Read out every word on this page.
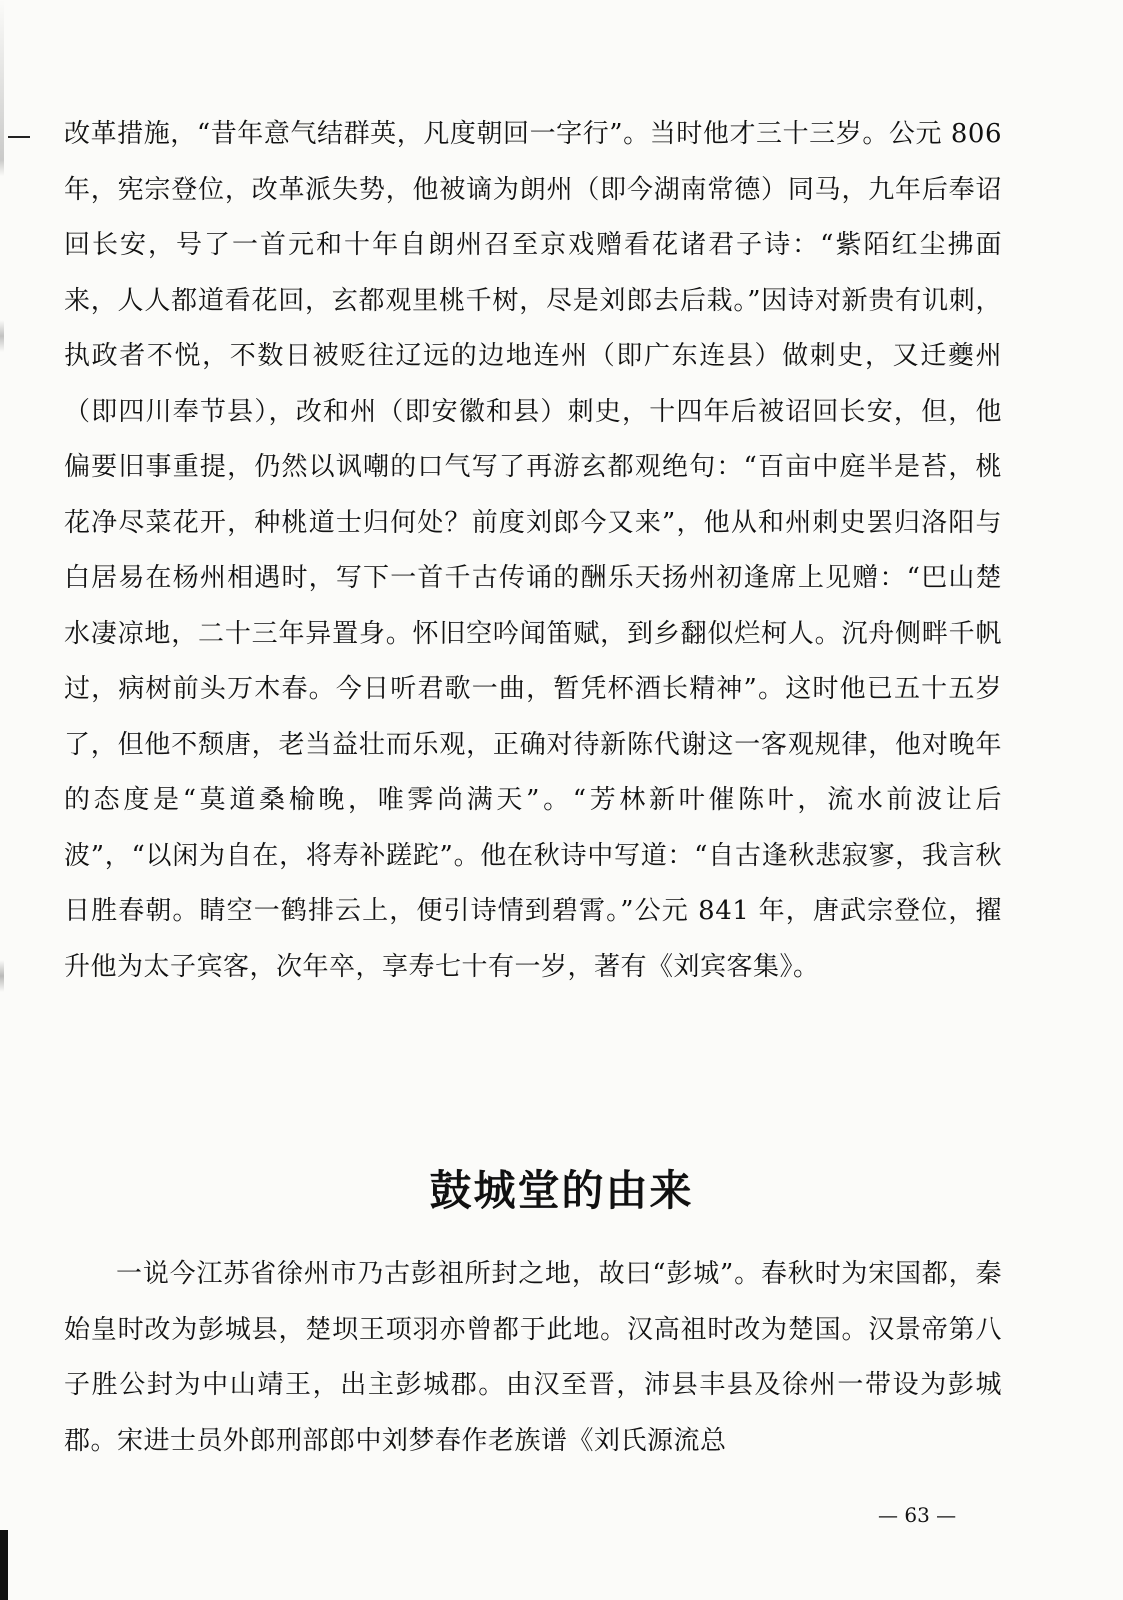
改革措施，“昔年意气结群英，凡度朝回一字行”。当时他才三十三岁。公元 806 年，宪宗登位，改革派失势，他被谪为朗州（即今湖南常德）同马，九年后奉诏回长安，号了一首元和十年自朗州召至京戏赠看花诸君子诗：“紫陌红尘拂面来，人人都道看花回，玄都观里桃千树，尽是刘郎去后栽。”因诗对新贵有讥刺，执政者不悦，不数日被贬往辽远的边地连州（即广东连县）做刺史，又迁夔州（即四川奉节县），改和州（即安徽和县）刺史，十四年后被诏回长安，但，他偏要旧事重提，仍然以讽嘲的口气写了再游玄都观绝句：“百亩中庭半是苔，桃花净尽菜花开，种桃道士归何处？前度刘郎今又来”，他从和州刺史罢归洛阳与白居易在杨州相遇时，写下一首千古传诵的酬乐天扬州初逢席上见赠：“巴山楚水凄凉地，二十三年异置身。怀旧空吟闻笛赋，到乡翻似烂柯人。沉舟侧畔千帆过，病树前头万木春。今日听君歌一曲，暂凭杯酒长精神”。这时他已五十五岁了，但他不颓唐，老当益壮而乐观，正确对待新陈代谢这一客观规律，他对晚年的态度是“莫道桑榆晚，唯霁尚满天”。“芳林新叶催陈叶，流水前波让后波”，“以闲为自在，将寿补蹉跎”。他在秋诗中写道：“自古逢秋悲寂寥，我言秋日胜春朝。睛空一鹤排云上，便引诗情到碧霄。”公元 841 年，唐武宗登位，擢升他为太子宾客，次年卒，享寿七十有一岁，著有《刘宾客集》。
鼓城堂的由来
一说今江苏省徐州市乃古彭祖所封之地，故曰“彭城”。春秋时为宋国都，秦始皇时改为彭城县，楚坝王项羽亦曾都于此地。汉高祖时改为楚国。汉景帝第八子胜公封为中山靖王，出主彭城郡。由汉至晋，沛县丰县及徐州一带设为彭城郡。宋进士员外郎刑部郎中刘梦春作老族谱《刘氏源流总
— 63 —
